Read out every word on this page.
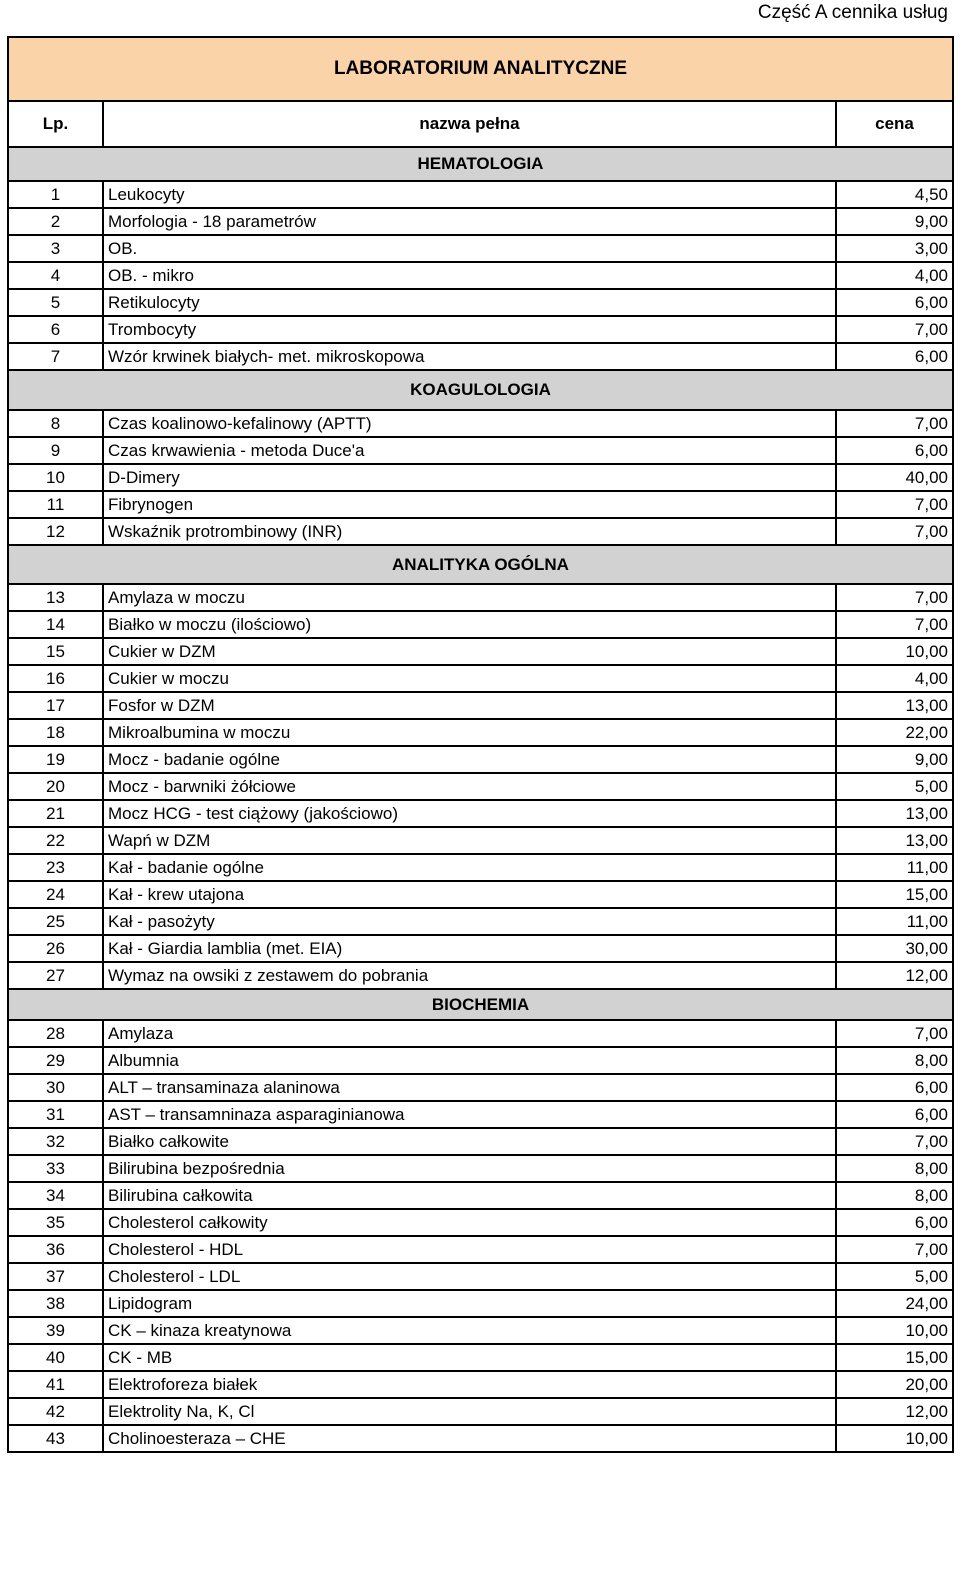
Część A cennika usług
LABORATORIUM ANALITYCZNE		
Lp.	nazwa pełna	cena
HEMATOLOGIA		
1	Leukocyty	4,50
2	Morfologia - 18 parametrów	9,00
3	OB.	3,00
4	OB. - mikro	4,00
5	Retikulocyty	6,00
6	Trombocyty	7,00
7	Wzór krwinek białych- met. mikroskopowa	6,00
KOAGULOLOGIA		
8	Czas koalinowo-kefalinowy (APTT)	7,00
9	Czas krwawienia - metoda Duce'a	6,00
10	D-Dimery	40,00
11	Fibrynogen	7,00
12	Wskaźnik protrombinowy (INR)	7,00
ANALITYKA OGÓLNA		
13	Amylaza w moczu	7,00
14	Białko w moczu (ilościowo)	7,00
15	Cukier w DZM	10,00
16	Cukier w moczu	4,00
17	Fosfor w DZM	13,00
18	Mikroalbumina w moczu	22,00
19	Mocz - badanie ogólne	9,00
20	Mocz - barwniki żółciowe	5,00
21	Mocz HCG - test ciążowy (jakościowo)	13,00
22	Wapń w DZM	13,00
23	Kał - badanie ogólne	11,00
24	Kał - krew utajona	15,00
25	Kał - pasożyty	11,00
26	Kał - Giardia lamblia (met. EIA)	30,00
27	Wymaz na owsiki z zestawem do pobrania	12,00
BIOCHEMIA		
28	Amylaza	7,00
29	Albumnia	8,00
30	ALT – transaminaza alaninowa	6,00
31	AST – transamninaza asparaginianowa	6,00
32	Białko całkowite	7,00
33	Bilirubina bezpośrednia	8,00
34	Bilirubina całkowita	8,00
35	Cholesterol całkowity	6,00
36	Cholesterol - HDL	7,00
37	Cholesterol - LDL	5,00
38	Lipidogram	24,00
39	CK – kinaza kreatynowa	10,00
40	CK - MB	15,00
41	Elektroforeza białek	20,00
42	Elektrolity Na, K, Cl	12,00
43	Cholinoesteraza – CHE	10,00
